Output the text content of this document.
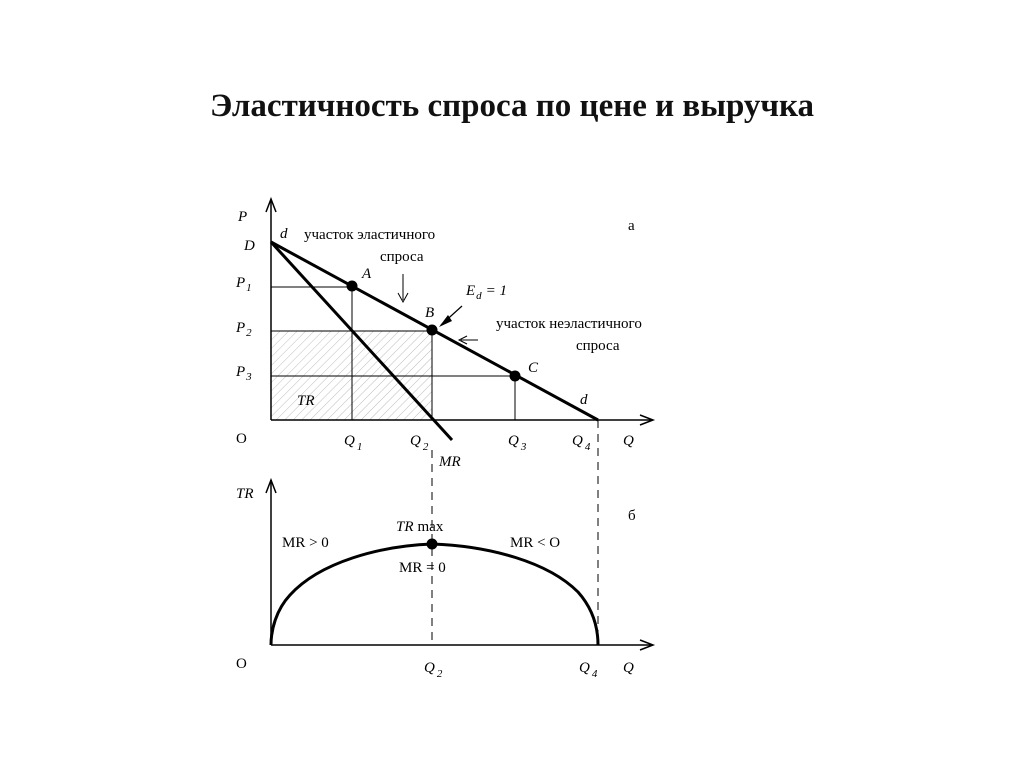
Эластичность спроса по цене и выручка
P
D
d
$P_1$
$P_2$
$P_3$
O	Q $_1$	Q $_2$	Q $_3$	Q $_4$ Q
MR
TR	d
A
B
C
участок эластичного
спроса
$E_d = 1$
участок неэластичного
спроса
a
TR
O	Q $_2$	Q $_4$ Q
MR > 0	MR < O
TR max
MR = 0
б
